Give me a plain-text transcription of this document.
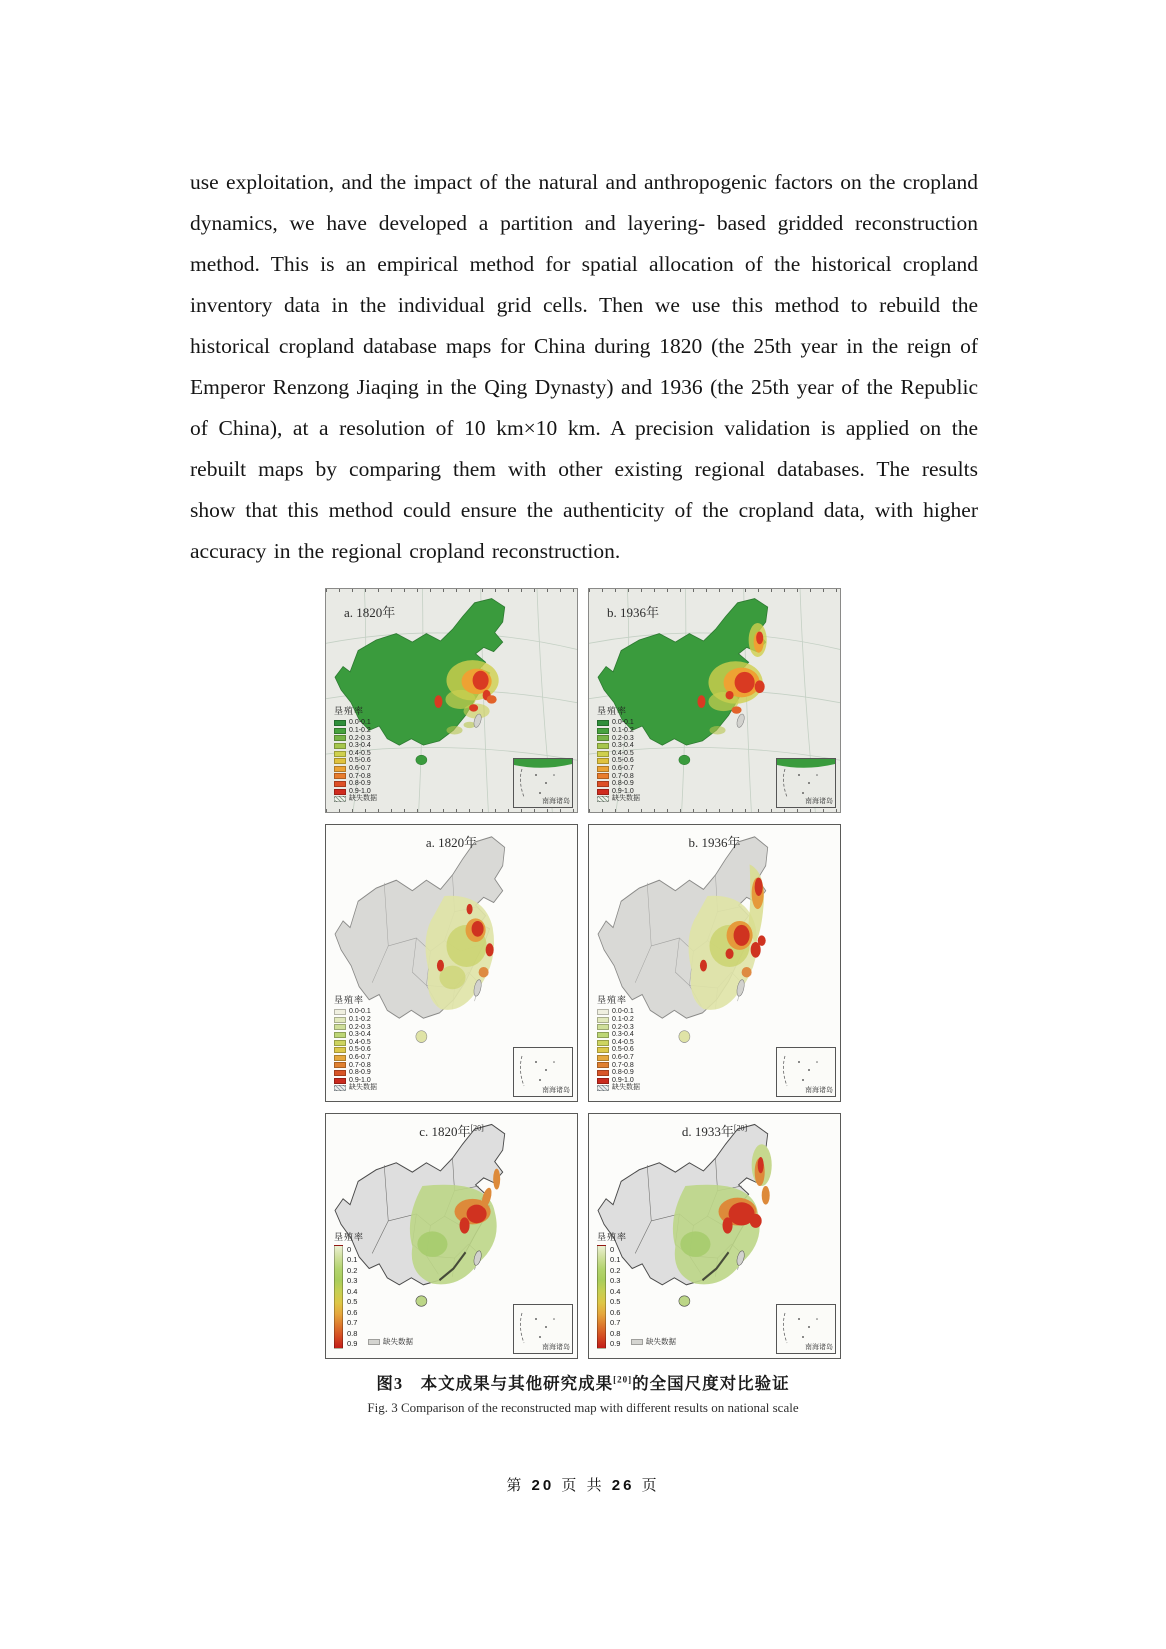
use exploitation, and the impact of the natural and anthropogenic factors on the cropland dynamics, we have developed a partition and layering- based gridded reconstruction method. This is an empirical method for spatial allocation of the historical cropland inventory data in the individual grid cells. Then we use this method to rebuild the historical cropland database maps for China during 1820 (the 25th year in the reign of Emperor Renzong Jiaqing in the Qing Dynasty) and 1936 (the 25th year of the Republic of China), at a resolution of 10 km×10 km. A precision validation is applied on the rebuilt maps by comparing them with other existing regional databases. The results show that this method could ensure the authenticity of the cropland data, with higher accuracy in the regional cropland reconstruction.

a. 1820年
垦殖率
0.0-0.1
0.1-0.2
0.2-0.3
0.3-0.4
0.4-0.5
0.5-0.6
0.6-0.7
0.7-0.8
0.8-0.9
0.9-1.0
缺失数据	南海诸岛
b. 1936年
垦殖率
0.0-0.1
0.1-0.2
0.2-0.3
0.3-0.4
0.4-0.5
0.5-0.6
0.6-0.7
0.7-0.8
0.8-0.9
0.9-1.0
缺失数据	南海诸岛
a. 1820年
垦殖率
0.0-0.1
0.1-0.2
0.2-0.3
0.3-0.4
0.4-0.5
0.5-0.6
0.6-0.7
0.7-0.8
0.8-0.9
0.9-1.0
缺失数据	南海诸岛
b. 1936年
垦殖率
0.0-0.1
0.1-0.2
0.2-0.3
0.3-0.4
0.4-0.5
0.5-0.6
0.6-0.7
0.7-0.8
0.8-0.9
0.9-1.0
缺失数据	南海诸岛
c. 1820年[20]
垦殖率
0
0.1
0.2
0.3
0.4
0.5
0.6
0.7
0.8
0.9	缺失数据
南海诸岛
d. 1933年[20]
垦殖率
0
0.1
0.2
0.3
0.4
0.5
0.6
0.7
0.8
0.9	缺失数据
南海诸岛
图3　本文成果与其他研究成果[20]的全国尺度对比验证
Fig. 3 Comparison of the reconstructed map with different results on national scale
第 20 页 共 26 页
